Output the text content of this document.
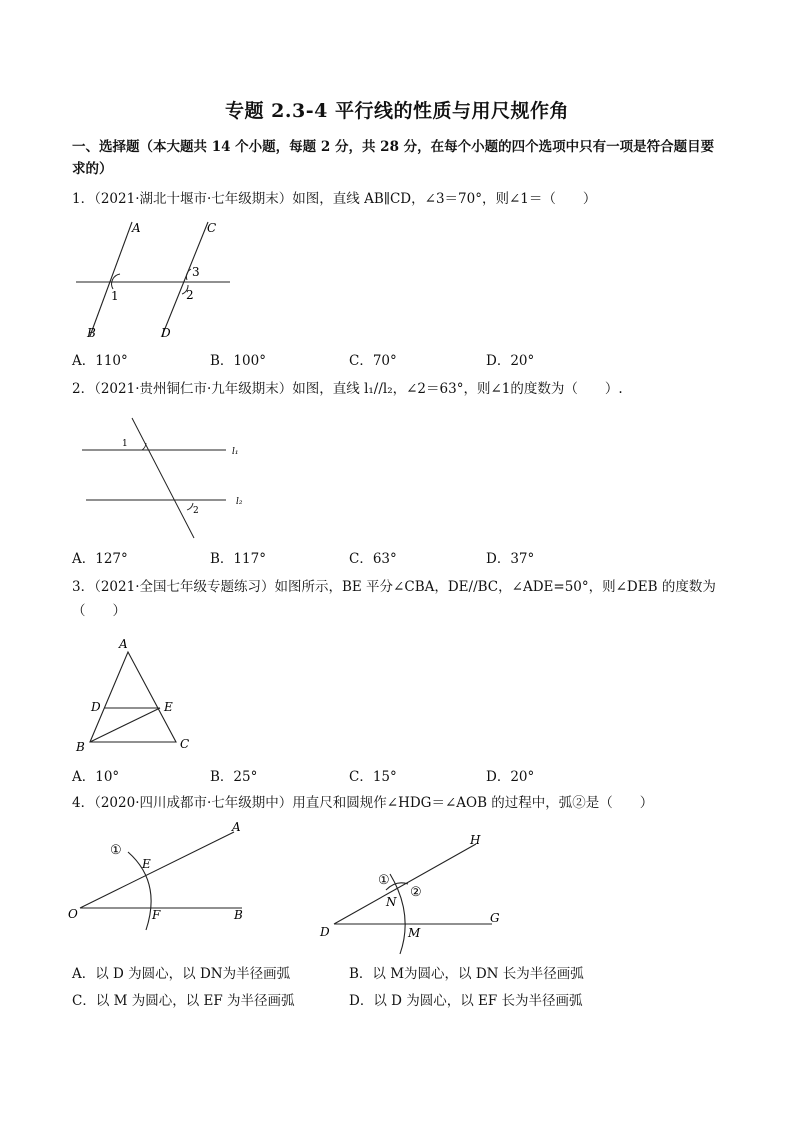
专题 2.3-4 平行线的性质与用尺规作角
一、选择题（本大题共 14 个小题，每题 2 分，共 28 分，在每个小题的四个选项中只有一项是符合题目要
求的）
1．（2021·湖北十堰市·七年级期末）如图，直线 AB∥CD，∠3＝70°，则∠1＝（　　）
A
B
C
D
1	2
3
A．110°	B．100°	C．70°	D．20°
2．（2021·贵州铜仁市·九年级期末）如图，直线 l₁//l₂，∠2＝63°，则∠1的度数为（　　）.
1
2
l₁
l₂
A．127°	B．117°	C．63°	D．37°
3．（2021·全国七年级专题练习）如图所示，BE 平分∠CBA，DE//BC，∠ADE=50°，则∠DEB 的度数为
（　　）
A
D	E
B	C
A．10°	B．25°	C．15°	D．20°
4．（2020·四川成都市·七年级期中）用直尺和圆规作∠HDG＝∠AOB 的过程中，弧②是（　　）
A
O	B
E
F
①
H
D
G
N
M
①
②
A．以 D 为圆心，以 DN为半径画弧	B．以 M为圆心，以 DN 长为半径画弧
C．以 M 为圆心，以 EF 为半径画弧	D．以 D 为圆心，以 EF 长为半径画弧
